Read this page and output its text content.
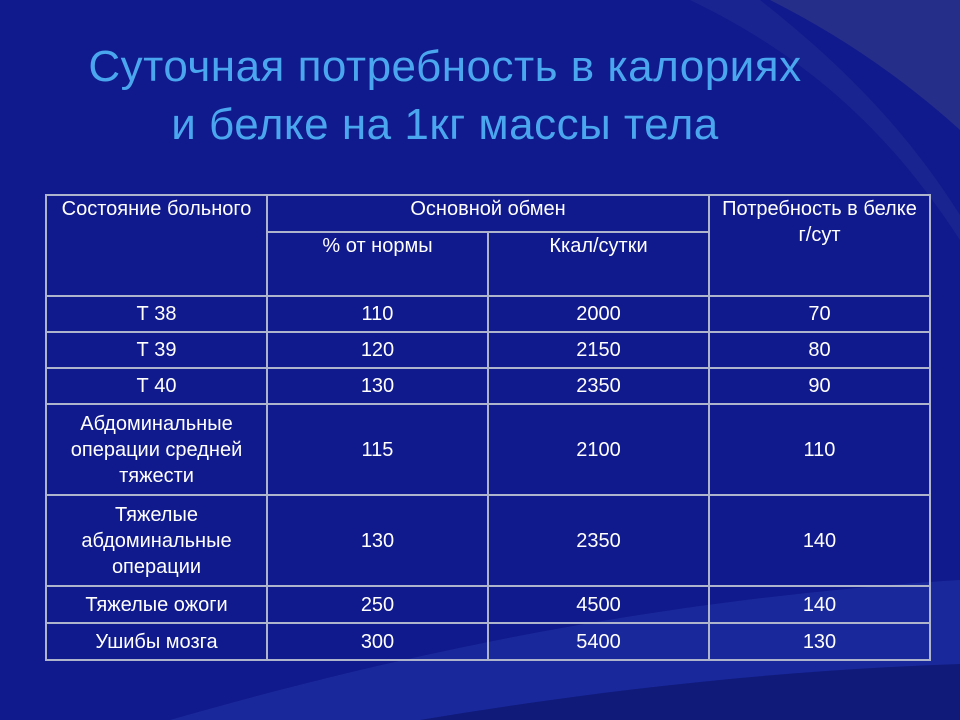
Суточная потребность в калориях
и белке на 1кг массы тела
Состояние больного	Основной обмен		Потребность в белке г/сут
	% от нормы	Ккал/сутки	
Т 38	110	2000	70
Т 39	120	2150	80
Т 40	130	2350	90
Абдоминальные операции средней тяжести	115	2100	110
Тяжелые абдоминальные операции	130	2350	140
Тяжелые ожоги	250	4500	140
Ушибы мозга	300	5400	130
